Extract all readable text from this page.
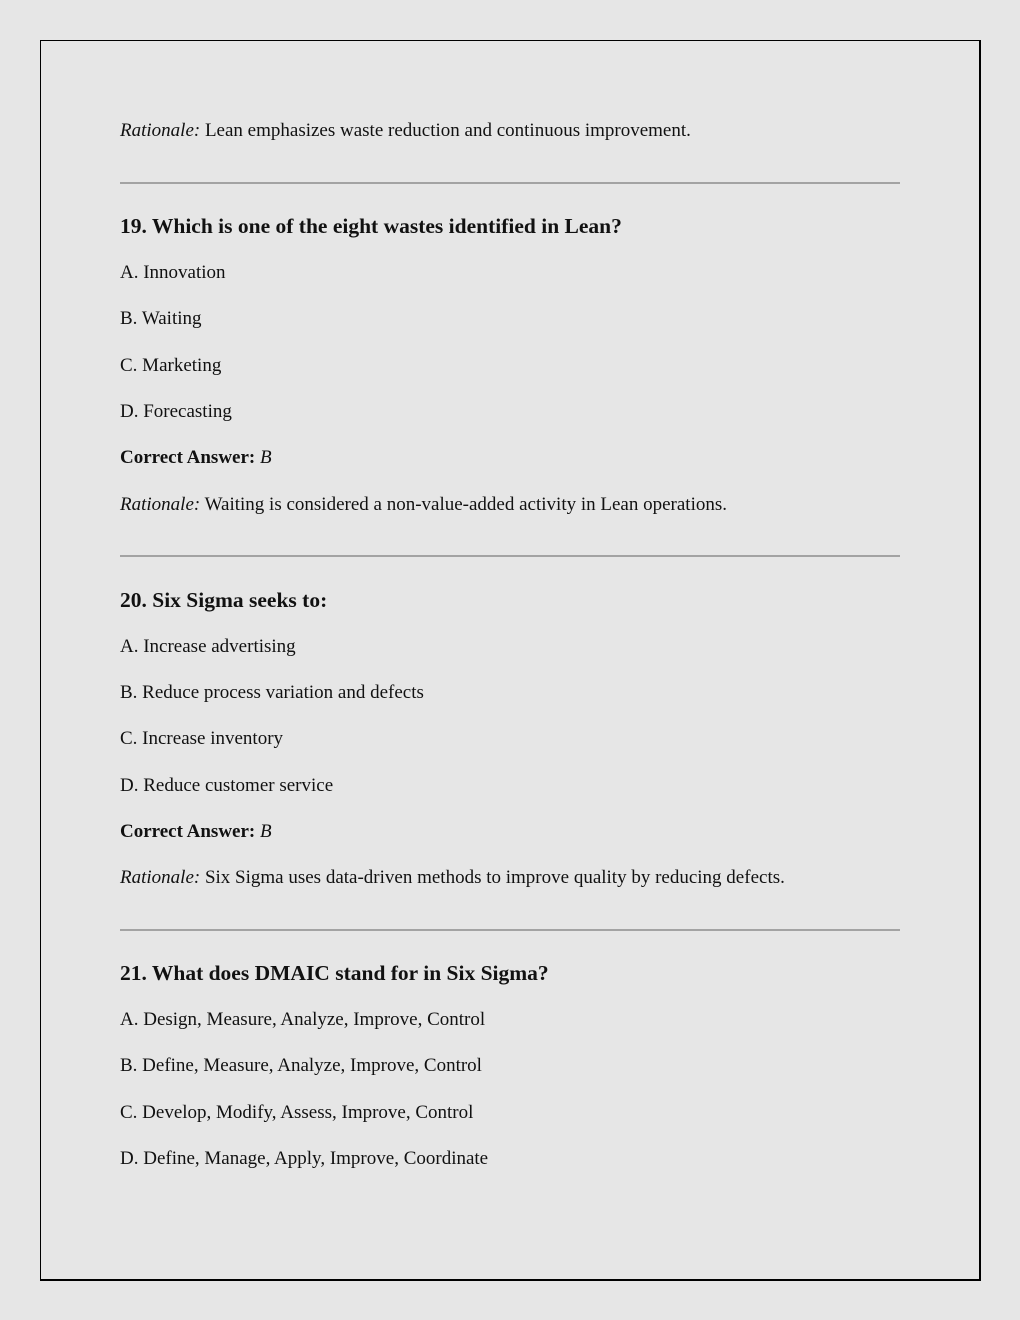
Rationale: Lean emphasizes waste reduction and continuous improvement.
19. Which is one of the eight wastes identified in Lean?
A. Innovation
B. Waiting
C. Marketing
D. Forecasting
Correct Answer: B
Rationale: Waiting is considered a non-value-added activity in Lean operations.
20. Six Sigma seeks to:
A. Increase advertising
B. Reduce process variation and defects
C. Increase inventory
D. Reduce customer service
Correct Answer: B
Rationale: Six Sigma uses data-driven methods to improve quality by reducing defects.
21. What does DMAIC stand for in Six Sigma?
A. Design, Measure, Analyze, Improve, Control
B. Define, Measure, Analyze, Improve, Control
C. Develop, Modify, Assess, Improve, Control
D. Define, Manage, Apply, Improve, Coordinate
